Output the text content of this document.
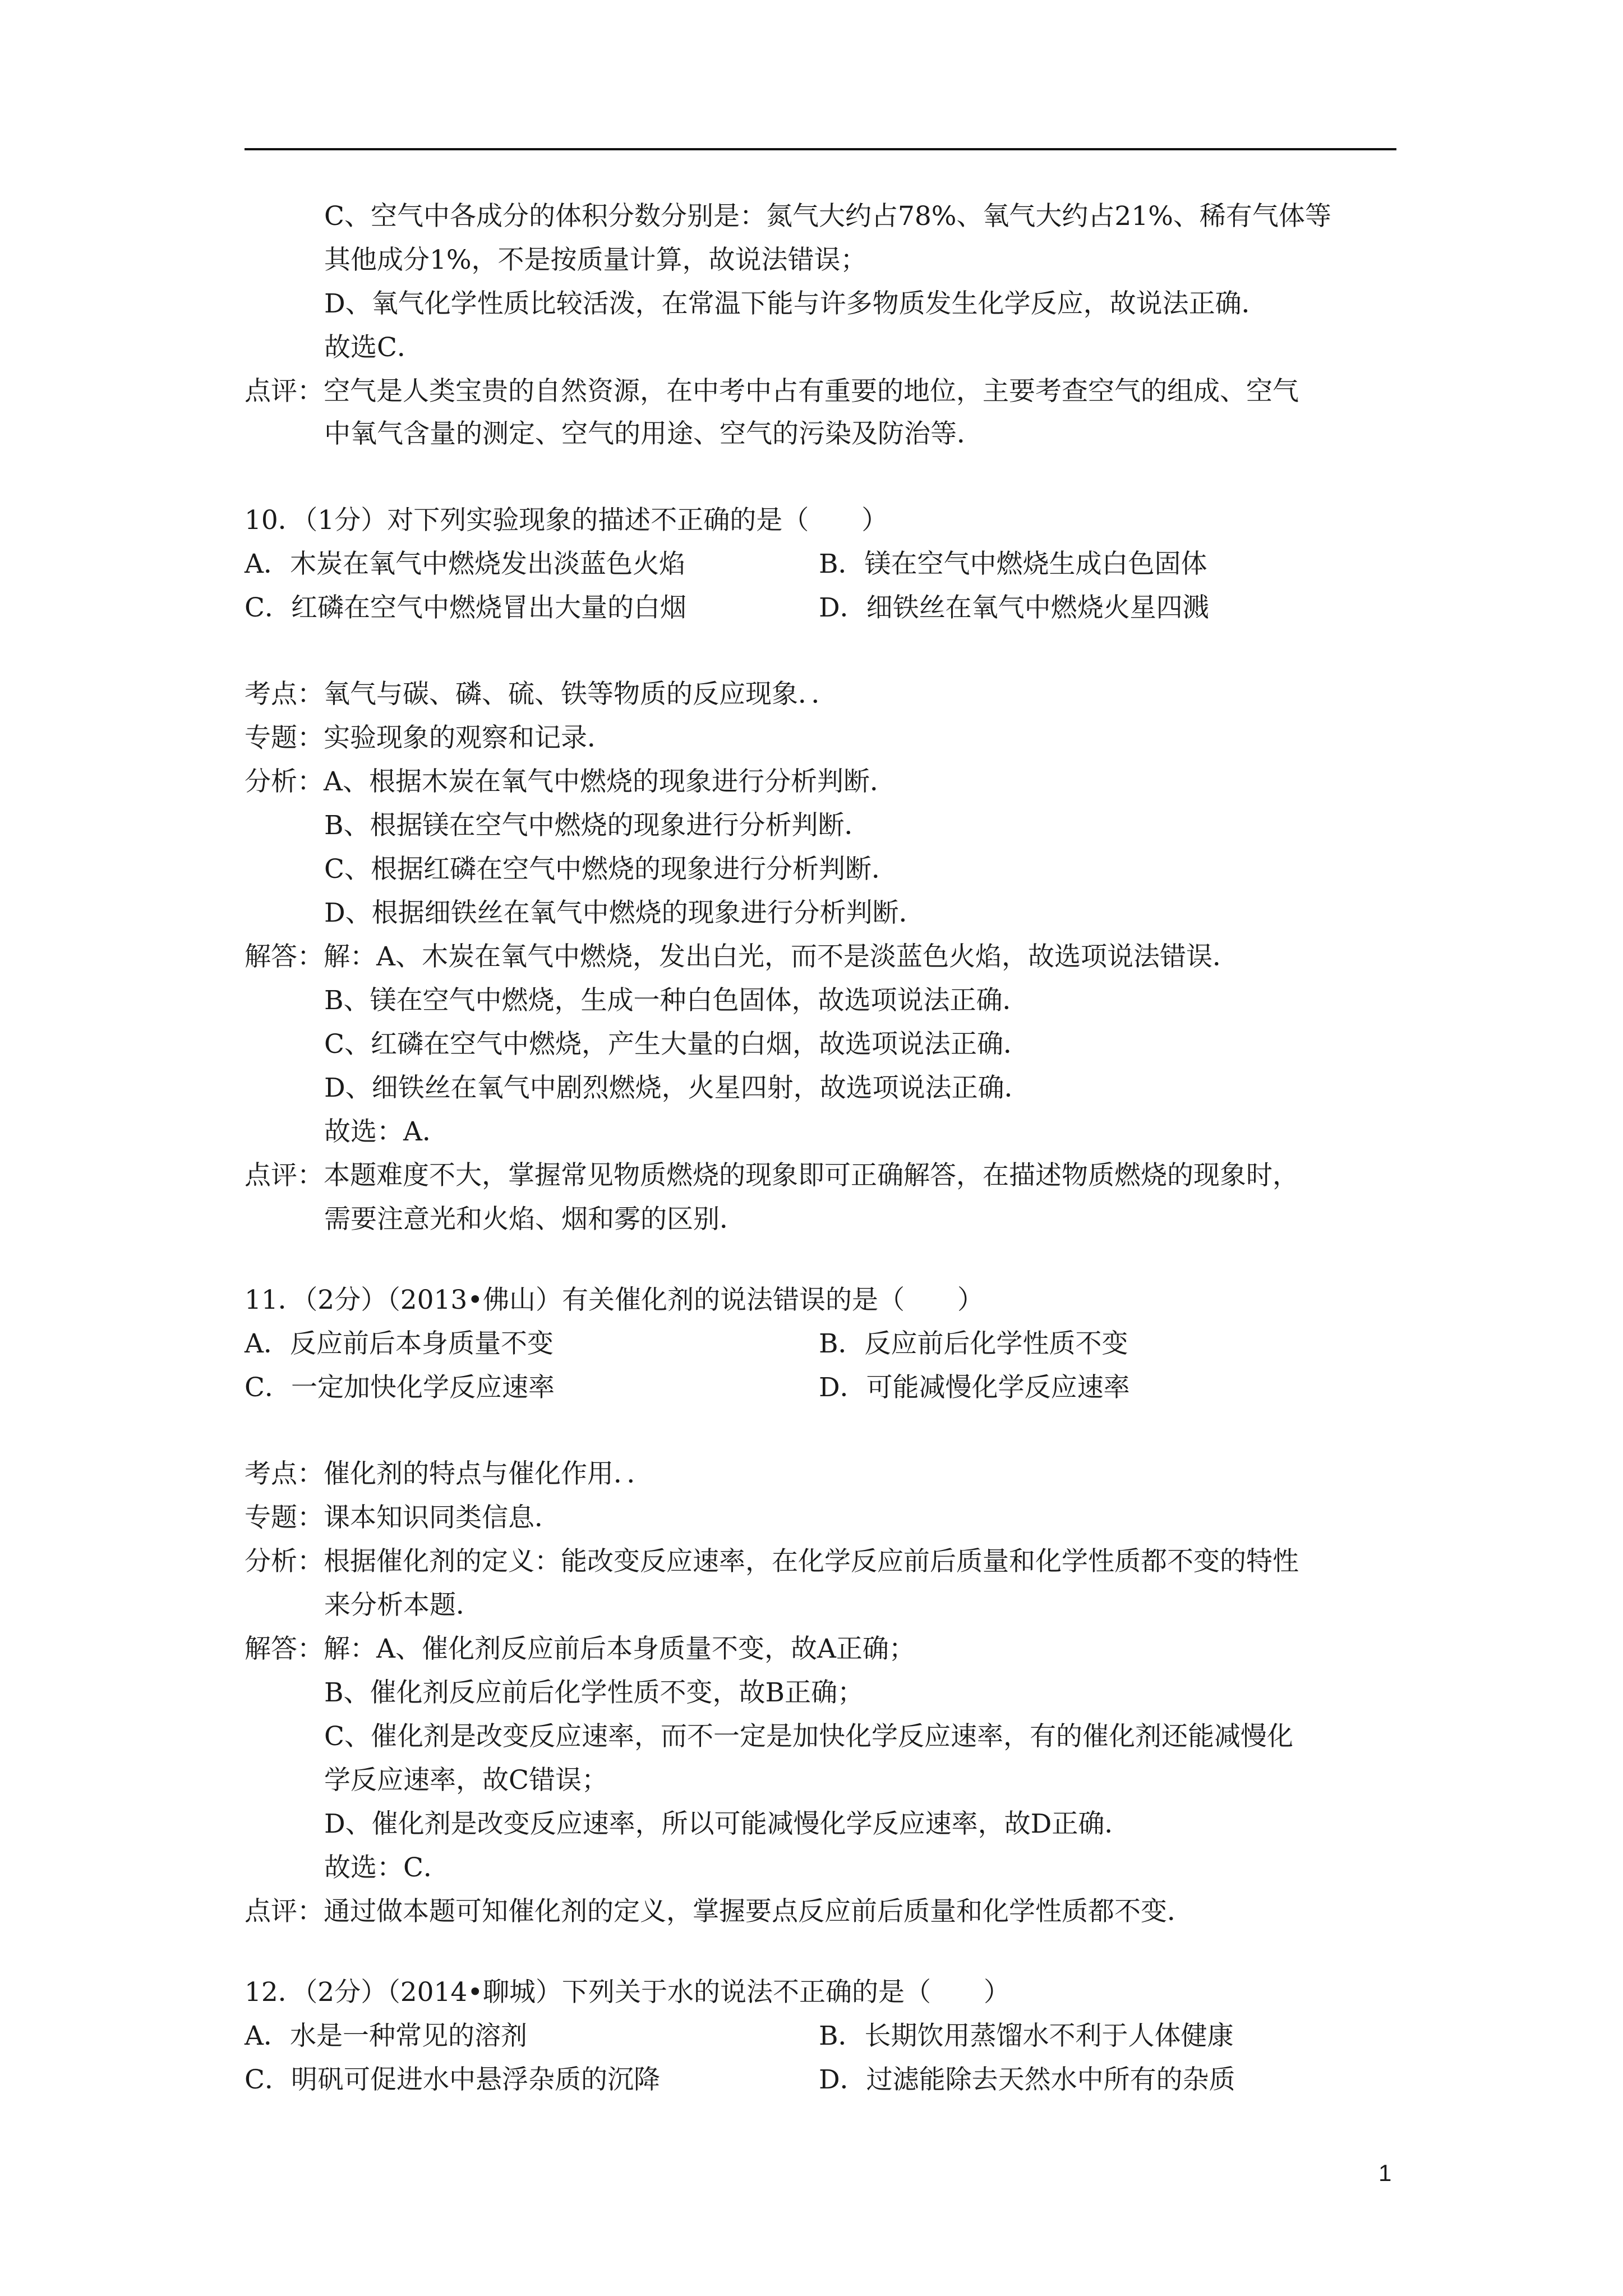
C、空气中各成分的体积分数分别是：氮气大约占78%、氧气大约占21%、稀有气体等
其他成分1%，不是按质量计算，故说法错误；
D、氧气化学性质比较活泼，在常温下能与许多物质发生化学反应，故说法正确．
故选C．
点评：空气是人类宝贵的自然资源，在中考中占有重要的地位，主要考查空气的组成、空气
中氧气含量的测定、空气的用途、空气的污染及防治等．
10．（1分）对下列实验现象的描述不正确的是（　　）
A．木炭在氧气中燃烧发出淡蓝色火焰	B．镁在空气中燃烧生成白色固体
C．红磷在空气中燃烧冒出大量的白烟	D．细铁丝在氧气中燃烧火星四溅
考点：氧气与碳、磷、硫、铁等物质的反应现象．．
专题：实验现象的观察和记录．
分析：A、根据木炭在氧气中燃烧的现象进行分析判断．
B、根据镁在空气中燃烧的现象进行分析判断．
C、根据红磷在空气中燃烧的现象进行分析判断．
D、根据细铁丝在氧气中燃烧的现象进行分析判断．
解答：解：A、木炭在氧气中燃烧，发出白光，而不是淡蓝色火焰，故选项说法错误．
B、镁在空气中燃烧，生成一种白色固体，故选项说法正确．
C、红磷在空气中燃烧，产生大量的白烟，故选项说法正确．
D、细铁丝在氧气中剧烈燃烧，火星四射，故选项说法正确．
故选：A．
点评：本题难度不大，掌握常见物质燃烧的现象即可正确解答，在描述物质燃烧的现象时，
需要注意光和火焰、烟和雾的区别．
11．（2分）（2013•佛山）有关催化剂的说法错误的是（　　）
A．反应前后本身质量不变	B．反应前后化学性质不变
C．一定加快化学反应速率	D．可能减慢化学反应速率
考点：催化剂的特点与催化作用．．
专题：课本知识同类信息．
分析：根据催化剂的定义：能改变反应速率，在化学反应前后质量和化学性质都不变的特性
来分析本题．
解答：解：A、催化剂反应前后本身质量不变，故A正确；
B、催化剂反应前后化学性质不变，故B正确；
C、催化剂是改变反应速率，而不一定是加快化学反应速率，有的催化剂还能减慢化
学反应速率，故C错误；
D、催化剂是改变反应速率，所以可能减慢化学反应速率，故D正确．
故选：C．
点评：通过做本题可知催化剂的定义，掌握要点反应前后质量和化学性质都不变．
12．（2分）（2014•聊城）下列关于水的说法不正确的是（　　）
A．水是一种常见的溶剂	B．长期饮用蒸馏水不利于人体健康
C．明矾可促进水中悬浮杂质的沉降	D．过滤能除去天然水中所有的杂质
1
